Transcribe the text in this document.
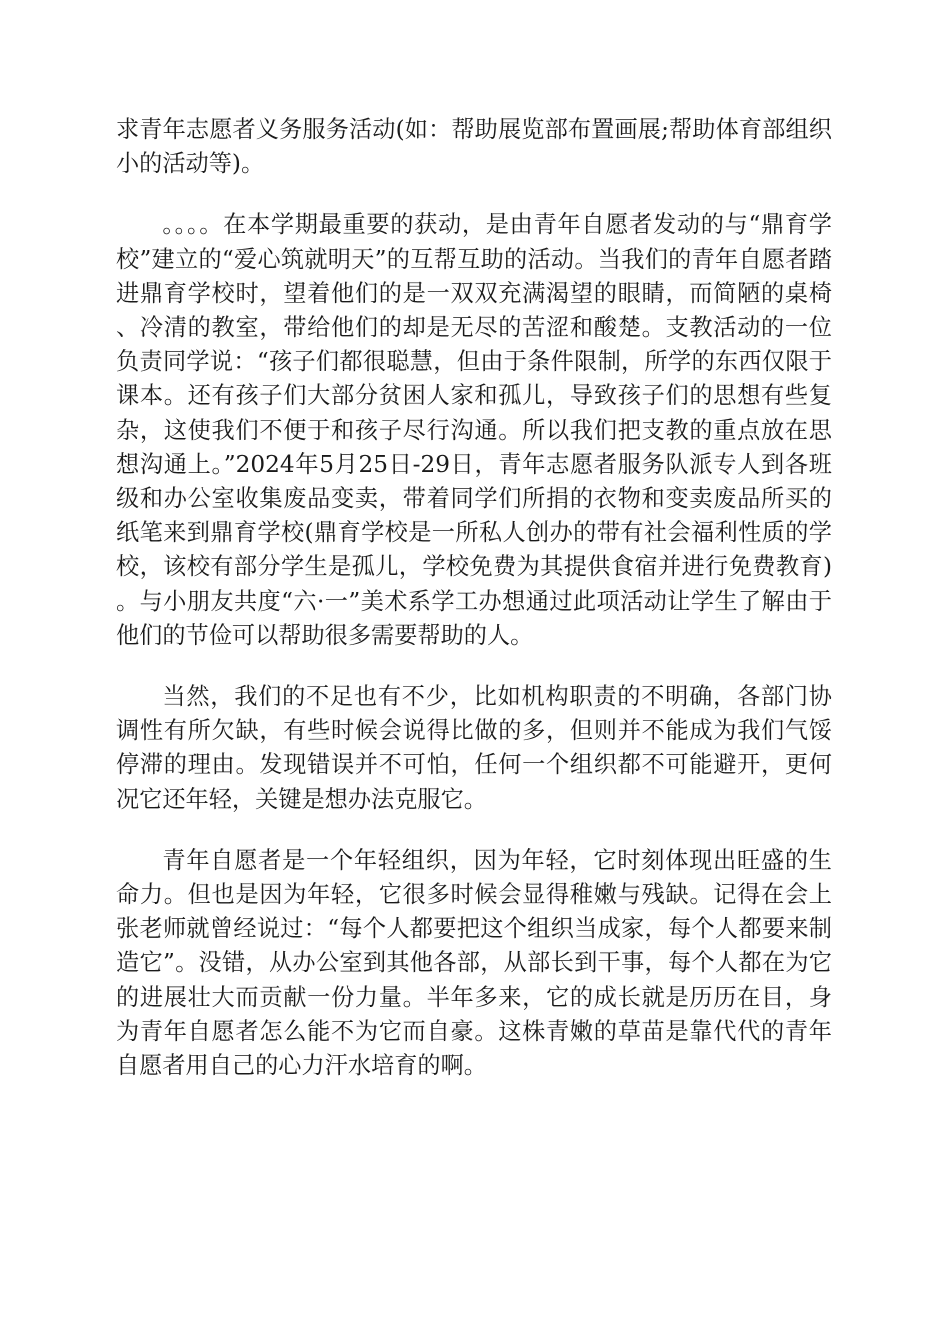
求青年志愿者义务服务活动(如：帮助展览部布置画展;帮助体育部组织小的活动等)。

。。。。在本学期最重要的获动，是由青年自愿者发动的与“鼎育学校”建立的“爱心筑就明天”的互帮互助的活动。当我们的青年自愿者踏进鼎育学校时，望着他们的是一双双充满渴望的眼睛，而简陋的桌椅、冷清的教室，带给他们的却是无尽的苦涩和酸楚。支教活动的一位负责同学说：“孩子们都很聪慧，但由于条件限制，所学的东西仅限于课本。还有孩子们大部分贫困人家和孤儿，导致孩子们的思想有些复杂，这使我们不便于和孩子尽行沟通。所以我们把支教的重点放在思想沟通上。”2024年5月25日-29日，青年志愿者服务队派专人到各班级和办公室收集废品变卖，带着同学们所捐的衣物和变卖废品所买的纸笔来到鼎育学校(鼎育学校是一所私人创办的带有社会福利性质的学校，该校有部分学生是孤儿，学校免费为其提供食宿并进行免费教育)。与小朋友共度“六·一”美术系学工办想通过此项活动让学生了解由于他们的节俭可以帮助很多需要帮助的人。

当然，我们的不足也有不少，比如机构职责的不明确，各部门协调性有所欠缺，有些时候会说得比做的多，但则并不能成为我们气馁停滞的理由。发现错误并不可怕，任何一个组织都不可能避开，更何况它还年轻，关键是想办法克服它。

青年自愿者是一个年轻组织，因为年轻，它时刻体现出旺盛的生命力。但也是因为年轻，它很多时候会显得稚嫩与残缺。记得在会上张老师就曾经说过：“每个人都要把这个组织当成家，每个人都要来制造它”。没错，从办公室到其他各部，从部长到干事，每个人都在为它的进展壮大而贡献一份力量。半年多来，它的成长就是历历在目，身为青年自愿者怎么能不为它而自豪。这株青嫩的草苗是靠代代的青年自愿者用自己的心力汗水培育的啊。
